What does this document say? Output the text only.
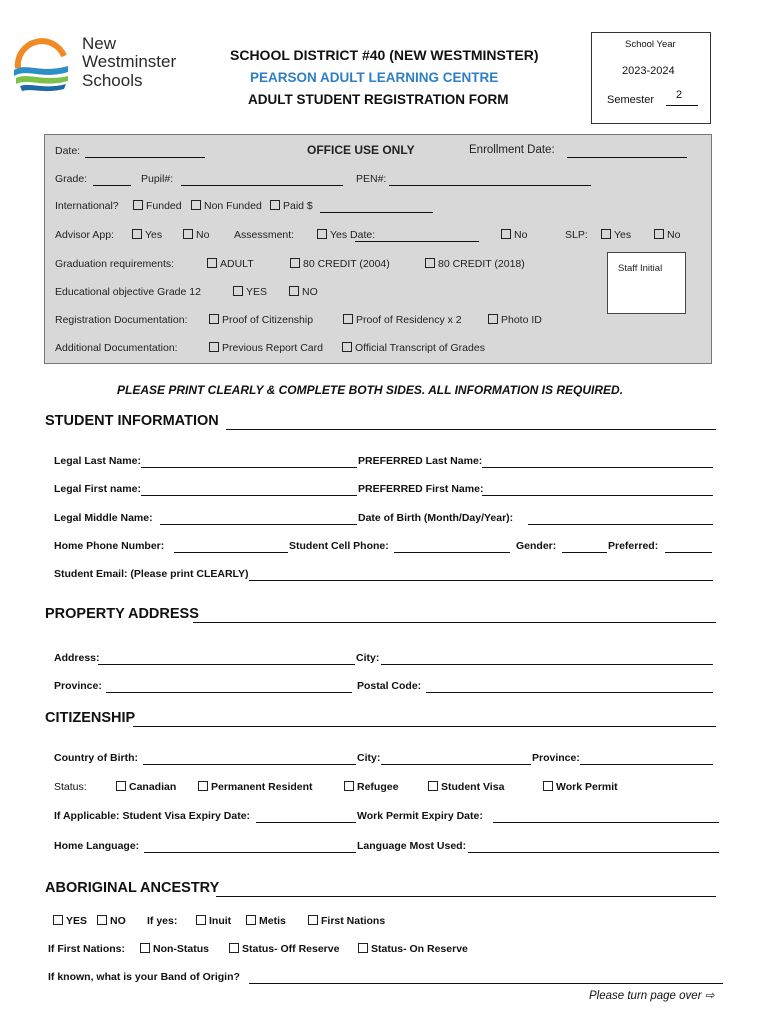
New
Westminster
Schools
SCHOOL DISTRICT #40 (NEW WESTMINSTER)
PEARSON ADULT LEARNING CENTRE
ADULT STUDENT REGISTRATION FORM
School Year
2023-2024
Semester 2
Date:	OFFICE USE ONLY	Enrollment Date:
Grade:	Pupil#:	PEN#:
International?	Funded	Non Funded	Paid $
Advisor App:	Yes	No Assessment:	Yes Date:	No	SLP:	Yes	No
Graduation requirements:	ADULT	80 CREDIT (2004)	80 CREDIT (2018)	Staff Initial
Educational objective Grade 12	YES	NO
Registration Documentation:	Proof of Citizenship	Proof of Residency x 2	Photo ID
Additional Documentation:	Previous Report Card	Official Transcript of Grades
PLEASE PRINT CLEARLY & COMPLETE BOTH SIDES. ALL INFORMATION IS REQUIRED.
STUDENT INFORMATION
Legal Last Name:	PREFERRED Last Name:
Legal First name:	PREFERRED First Name:
Legal Middle Name:	Date of Birth (Month/Day/Year):
Home Phone Number:	Student Cell Phone:	Gender:	Preferred:
Student Email: (Please print CLEARLY)
PROPERTY ADDRESS
Address:	City:
Province:	Postal Code:
CITIZENSHIP
Country of Birth:	City:	Province:
Status:	Canadian	Permanent Resident	Refugee	Student Visa	Work Permit
If Applicable: Student Visa Expiry Date:	Work Permit Expiry Date:
Home Language:	Language Most Used:
ABORIGINAL ANCESTRY
YES	NO If yes:	Inuit	Metis	First Nations
If First Nations:	Non-Status	Status- Off Reserve	Status- On Reserve
If known, what is your Band of Origin?
Please turn page over ⇨
